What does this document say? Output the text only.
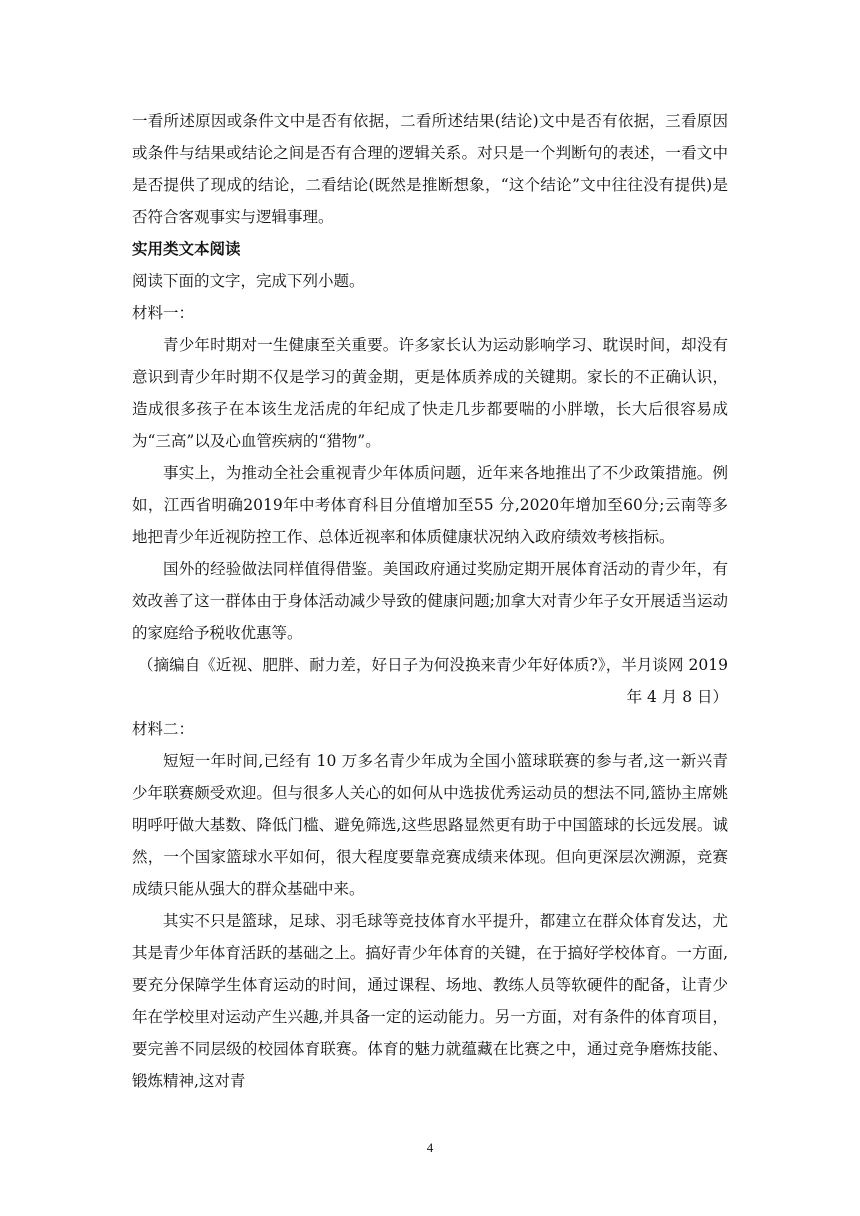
一看所述原因或条件文中是否有依据，二看所述结果(结论)文中是否有依据，三看原因或条件与结果或结论之间是否有合理的逻辑关系。对只是一个判断句的表述，一看文中是否提供了现成的结论，二看结论(既然是推断想象，“这个结论”文中往往没有提供)是否符合客观事实与逻辑事理。

实用类文本阅读

阅读下面的文字，完成下列小题。

材料一：

青少年时期对一生健康至关重要。许多家长认为运动影响学习、耽误时间，却没有意识到青少年时期不仅是学习的黄金期，更是体质养成的关键期。家长的不正确认识，造成很多孩子在本该生龙活虎的年纪成了快走几步都要喘的小胖墩，长大后很容易成为“三高”以及心血管疾病的“猎物”。

事实上，为推动全社会重视青少年体质问题，近年来各地推出了不少政策措施。例如，江西省明确2019年中考体育科目分值增加至55 分,2020年增加至60分;云南等多地把青少年近视防控工作、总体近视率和体质健康状况纳入政府绩效考核指标。

国外的经验做法同样值得借鉴。美国政府通过奖励定期开展体育活动的青少年，有效改善了这一群体由于身体活动减少导致的健康问题;加拿大对青少年子女开展适当运动的家庭给予税收优惠等。

（摘编自《近视、肥胖、耐力差，好日子为何没换来青少年好体质?》，半月谈网 2019 年 4 月 8 日）

材料二：

短短一年时间,已经有 10 万多名青少年成为全国小篮球联赛的参与者,这一新兴青少年联赛颇受欢迎。但与很多人关心的如何从中选拔优秀运动员的想法不同,篮协主席姚明呼吁做大基数、降低门槛、避免筛选,这些思路显然更有助于中国篮球的长远发展。诚然，一个国家篮球水平如何，很大程度要靠竞赛成绩来体现。但向更深层次溯源，竞赛成绩只能从强大的群众基础中来。

其实不只是篮球，足球、羽毛球等竞技体育水平提升，都建立在群众体育发达，尤其是青少年体育活跃的基础之上。搞好青少年体育的关键，在于搞好学校体育。一方面,要充分保障学生体育运动的时间，通过课程、场地、教练人员等软硬件的配备，让青少年在学校里对运动产生兴趣,并具备一定的运动能力。另一方面，对有条件的体育项目，要完善不同层级的校园体育联赛。体育的魅力就蕴藏在比赛之中，通过竞争磨炼技能、锻炼精神,这对青

4
